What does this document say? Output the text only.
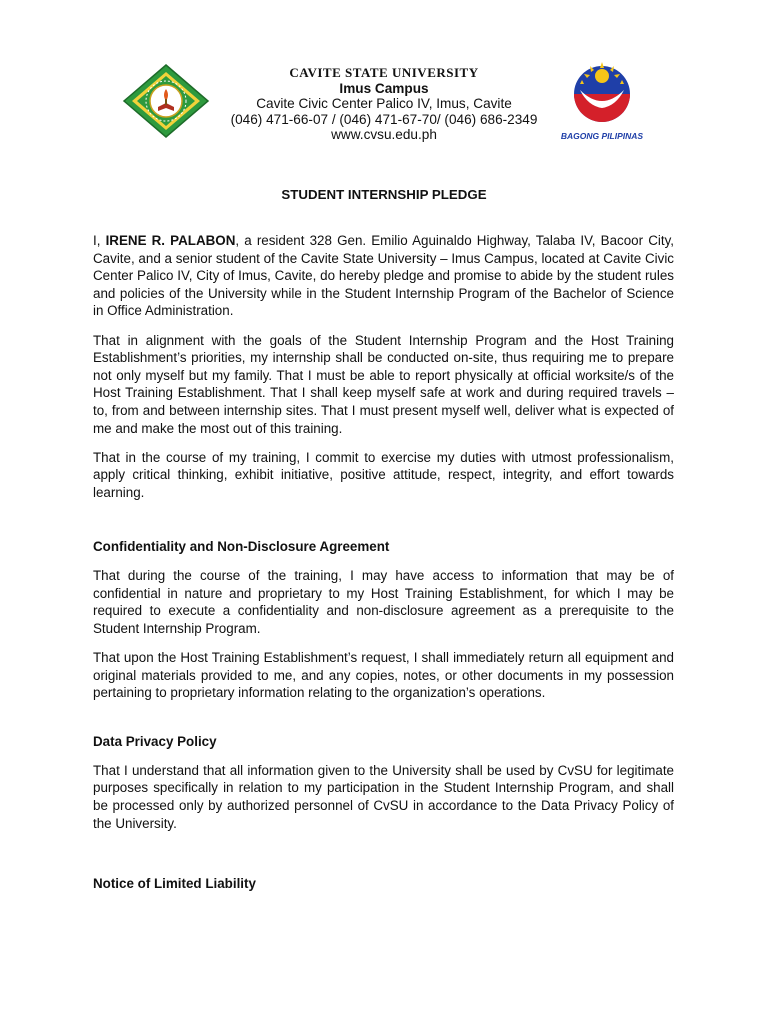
CAVITE STATE UNIVERSITY
Imus Campus
Cavite Civic Center Palico IV, Imus, Cavite
(046) 471-66-07 / (046) 471-67-70/ (046) 686-2349
www.cvsu.edu.ph	BAGONG PILIPINAS
STUDENT INTERNSHIP PLEDGE

I, IRENE R. PALABON, a resident 328 Gen. Emilio Aguinaldo Highway, Talaba IV, Bacoor City, Cavite, and a senior student of the Cavite State University – Imus Campus, located at Cavite Civic Center Palico IV, City of Imus, Cavite, do hereby pledge and promise to abide by the student rules and policies of the University while in the Student Internship Program of the Bachelor of Science in Office Administration.

That in alignment with the goals of the Student Internship Program and the Host Training Establishment’s priorities, my internship shall be conducted on-site, thus requiring me to prepare not only myself but my family. That I must be able to report physically at official worksite/s of the Host Training Establishment. That I shall keep myself safe at work and during required travels – to, from and between internship sites. That I must present myself well, deliver what is expected of me and make the most out of this training.

That in the course of my training, I commit to exercise my duties with utmost professionalism, apply critical thinking, exhibit initiative, positive attitude, respect, integrity, and effort towards learning.

Confidentiality and Non-Disclosure Agreement

That during the course of the training, I may have access to information that may be of confidential in nature and proprietary to my Host Training Establishment, for which I may be required to execute a confidentiality and non-disclosure agreement as a prerequisite to the Student Internship Program.

That upon the Host Training Establishment’s request, I shall immediately return all equipment and original materials provided to me, and any copies, notes, or other documents in my possession pertaining to proprietary information relating to the organization’s operations.

Data Privacy Policy

That I understand that all information given to the University shall be used by CvSU for legitimate purposes specifically in relation to my participation in the Student Internship Program, and shall be processed only by authorized personnel of CvSU in accordance to the Data Privacy Policy of the University.

Notice of Limited Liability
